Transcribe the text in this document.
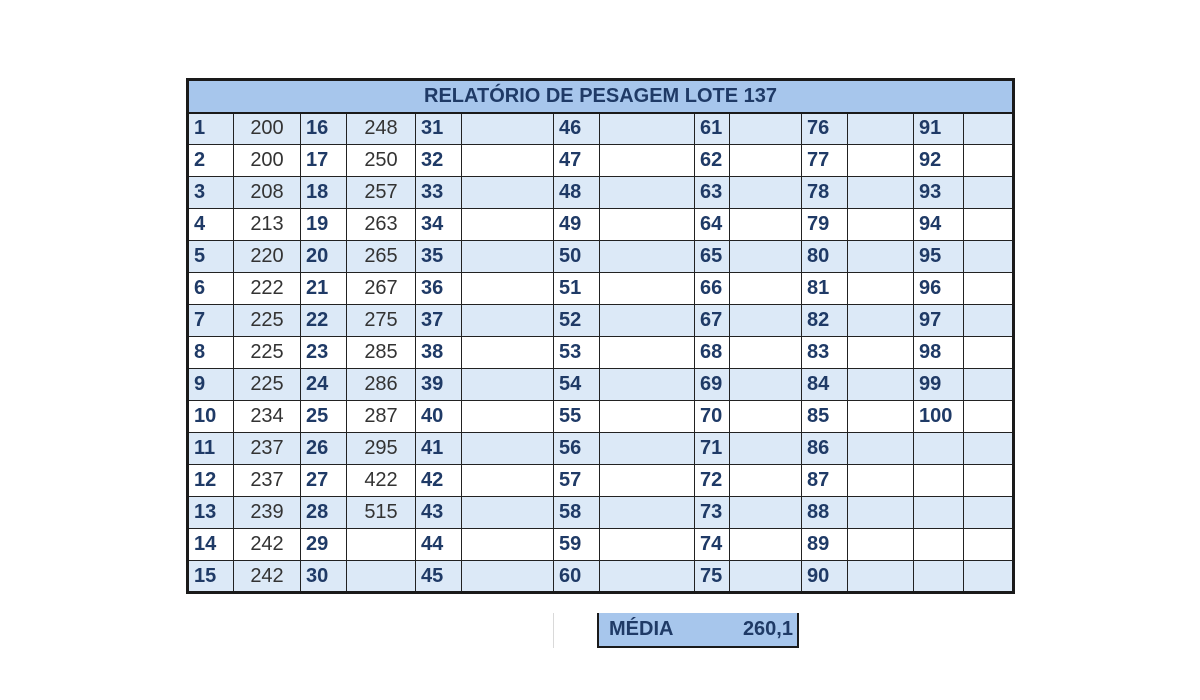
RELATÓRIO DE PESAGEM LOTE 137													
1	200	16	248	31		46		61		76		91	
2	200	17	250	32		47		62		77		92	
3	208	18	257	33		48		63		78		93	
4	213	19	263	34		49		64		79		94	
5	220	20	265	35		50		65		80		95	
6	222	21	267	36		51		66		81		96	
7	225	22	275	37		52		67		82		97	
8	225	23	285	38		53		68		83		98	
9	225	24	286	39		54		69		84		99	
10	234	25	287	40		55		70		85		100	
11	237	26	295	41		56		71		86			
12	237	27	422	42		57		72		87			
13	239	28	515	43		58		73		88			
14	242	29		44		59		74		89			
15	242	30		45		60		75		90			
MÉDIA	260,1
